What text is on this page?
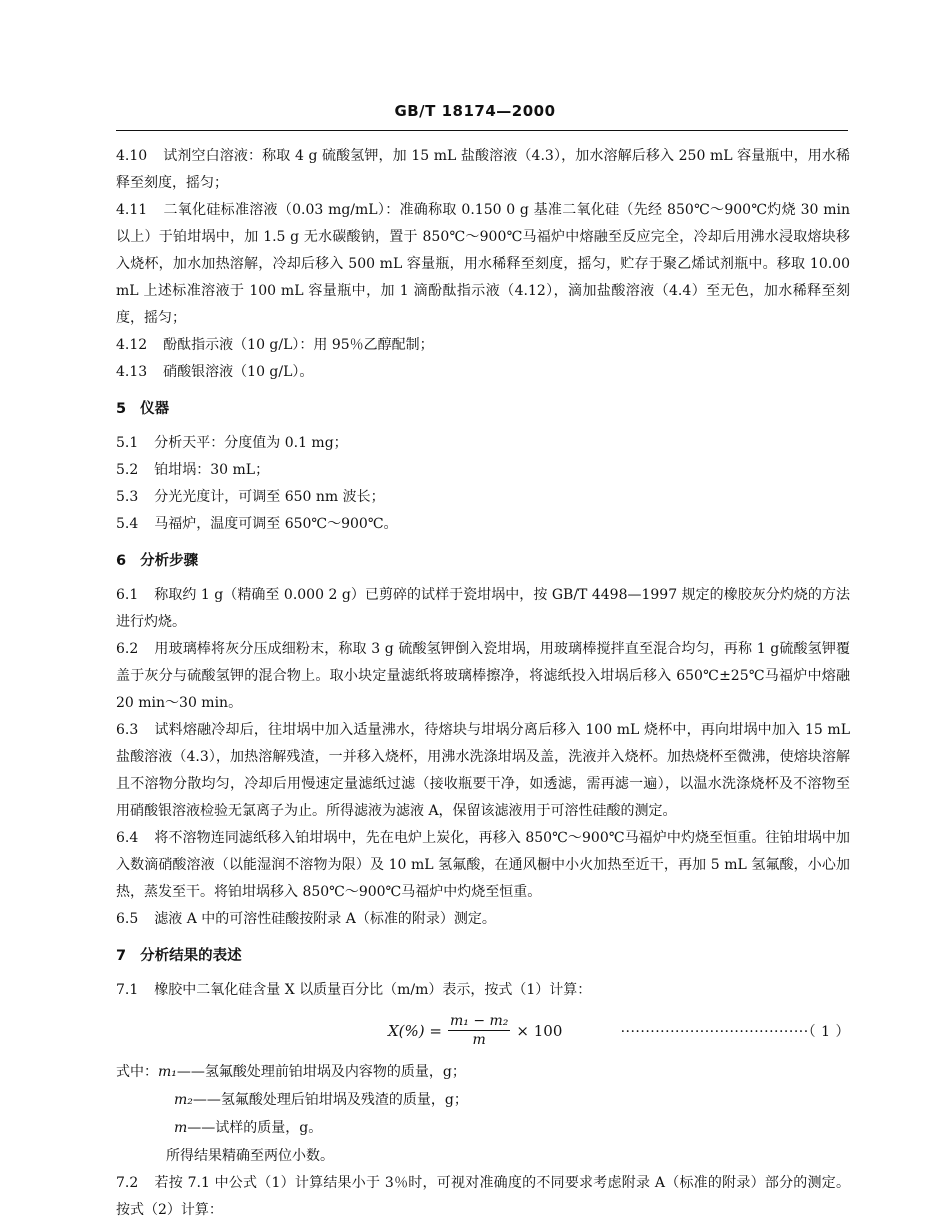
GB/T 18174—2000

4.10 试剂空白溶液：称取 4 g 硫酸氢钾，加 15 mL 盐酸溶液（4.3），加水溶解后移入 250 mL 容量瓶中，用水稀释至刻度，摇匀；

4.11 二氧化硅标准溶液（0.03 mg/mL）：准确称取 0.150 0 g 基准二氧化硅（先经 850℃～900℃灼烧 30 min 以上）于铂坩埚中，加 1.5 g 无水碳酸钠，置于 850℃～900℃马福炉中熔融至反应完全，冷却后用沸水浸取熔块移入烧杯，加水加热溶解，冷却后移入 500 mL 容量瓶，用水稀释至刻度，摇匀，贮存于聚乙烯试剂瓶中。移取 10.00 mL 上述标准溶液于 100 mL 容量瓶中，加 1 滴酚酞指示液（4.12），滴加盐酸溶液（4.4）至无色，加水稀释至刻度，摇匀；

4.12 酚酞指示液（10 g/L）：用 95％乙醇配制；

4.13 硝酸银溶液（10 g/L）。

5 仪器

5.1 分析天平：分度值为 0.1 mg；

5.2 铂坩埚：30 mL；

5.3 分光光度计，可调至 650 nm 波长；

5.4 马福炉，温度可调至 650℃～900℃。

6 分析步骤

6.1 称取约 1 g（精确至 0.000 2 g）已剪碎的试样于瓷坩埚中，按 GB/T 4498—1997 规定的橡胶灰分灼烧的方法进行灼烧。

6.2 用玻璃棒将灰分压成细粉末，称取 3 g 硫酸氢钾倒入瓷坩埚，用玻璃棒搅拌直至混合均匀，再称 1 g硫酸氢钾覆盖于灰分与硫酸氢钾的混合物上。取小块定量滤纸将玻璃棒擦净，将滤纸投入坩埚后移入 650℃±25℃马福炉中熔融 20 min～30 min。

6.3 试料熔融冷却后，往坩埚中加入适量沸水，待熔块与坩埚分离后移入 100 mL 烧杯中，再向坩埚中加入 15 mL 盐酸溶液（4.3），加热溶解残渣，一并移入烧杯，用沸水洗涤坩埚及盖，洗液并入烧杯。加热烧杯至微沸，使熔块溶解且不溶物分散均匀，冷却后用慢速定量滤纸过滤（接收瓶要干净，如透滤，需再滤一遍），以温水洗涤烧杯及不溶物至用硝酸银溶液检验无氯离子为止。所得滤液为滤液 A，保留该滤液用于可溶性硅酸的测定。

6.4 将不溶物连同滤纸移入铂坩埚中，先在电炉上炭化，再移入 850℃～900℃马福炉中灼烧至恒重。往铂坩埚中加入数滴硝酸溶液（以能湿润不溶物为限）及 10 mL 氢氟酸，在通风橱中小火加热至近干，再加 5 mL 氢氟酸，小心加热，蒸发至干。将铂坩埚移入 850℃～900℃马福炉中灼烧至恒重。

6.5 滤液 A 中的可溶性硅酸按附录 A（标准的附录）测定。

7 分析结果的表述

7.1 橡胶中二氧化硅含量 X 以质量百分比（m/m）表示，按式（1）计算：

$X(\%) = \frac{\text{m₁ − m₂}}{m} \times 100$	······································（ 1 ）

式中：m₁——氢氟酸处理前铂坩埚及内容物的质量，g；

m₂——氢氟酸处理后铂坩埚及残渣的质量，g；

m——试样的质量，g。

所得结果精确至两位小数。

7.2 若按 7.1 中公式（1）计算结果小于 3％时，可视对准确度的不同要求考虑附录 A（标准的附录）部分的测定。按式（2）计算：
